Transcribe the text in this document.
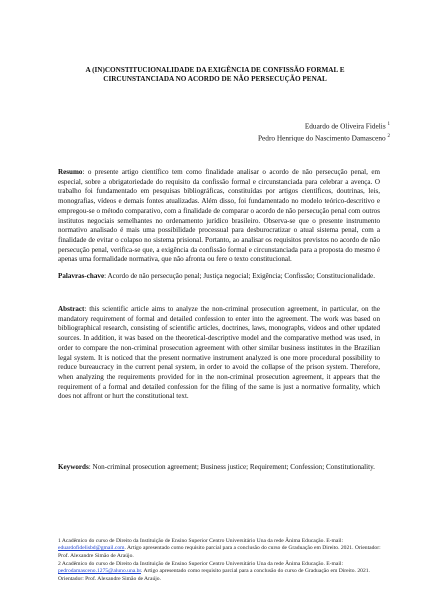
A (IN)CONSTITUCIONALIDADE DA EXIGÊNCIA DE CONFISSÃO FORMAL E
CIRCUNSTANCIADA NO ACORDO DE NÃO PERSECUÇÃO PENAL
Eduardo de Oliveira Fidelis $^1$
Pedro Henrique do Nascimento Damasceno $^2$
Resumo: o presente artigo científico tem como finalidade analisar o acordo de não persecução penal, em especial, sobre a obrigatoriedade do requisito da confissão formal e circunstanciada para celebrar a avença. O trabalho foi fundamentado em pesquisas bibliográficas, constituídas por artigos científicos, doutrinas, leis, monografias, vídeos e demais fontes atualizadas. Além disso, foi fundamentado no modelo teórico-descritivo e empregou-se o método comparativo, com a finalidade de comparar o acordo de não persecução penal com outros institutos negociais semelhantes no ordenamento jurídico brasileiro. Observa-se que o presente instrumento normativo analisado é mais uma possibilidade processual para desburocratizar o atual sistema penal, com a finalidade de evitar o colapso no sistema prisional. Portanto, ao analisar os requisitos previstos no acordo de não persecução penal, verifica-se que, a exigência da confissão formal e circunstanciada para a proposta do mesmo é apenas uma formalidade normativa, que não afronta ou fere o texto constitucional.
Palavras-chave: Acordo de não persecução penal; Justiça negocial; Exigência; Confissão; Constitucionalidade.
Abstract: this scientific article aims to analyze the non-criminal prosecution agreement, in particular, on the mandatory requirement of formal and detailed confession to enter into the agreement. The work was based on bibliographical research, consisting of scientific articles, doctrines, laws, monographs, videos and other updated sources. In addition, it was based on the theoretical-descriptive model and the comparative method was used, in order to compare the non-criminal prosecution agreement with other similar business institutes in the Brazilian legal system. It is noticed that the present normative instrument analyzed is one more procedural possibility to reduce bureaucracy in the current penal system, in order to avoid the collapse of the prison system. Therefore, when analyzing the requirements provided for in the non-criminal prosecution agreement, it appears that the requirement of a formal and detailed confession for the filing of the same is just a normative formality, which does not affront or hurt the constitutional text.
Keywords: Non-criminal prosecution agreement; Business justice; Requirement; Confession; Constitutionality.
1 Acadêmico do curso de Direito da Instituição de Ensino Superior Centro Universitário Una da rede Ânima Educação. E-mail: eduardofidelisbd@gmail.com. Artigo apresentado como requisito parcial para a conclusão do curso de Graduação em Direito. 2021. Orientador: Prof. Alexandre Simão de Araújo.
2 Acadêmico do curso de Direito da Instituição de Ensino Superior Centro Universitário Una da rede Ânima Educação. E-mail: pedrodamasceno.1275@aluno.una.br. Artigo apresentado como requisito parcial para a conclusão do curso de Graduação em Direito. 2021. Orientador: Prof. Alexandre Simão de Araújo.
